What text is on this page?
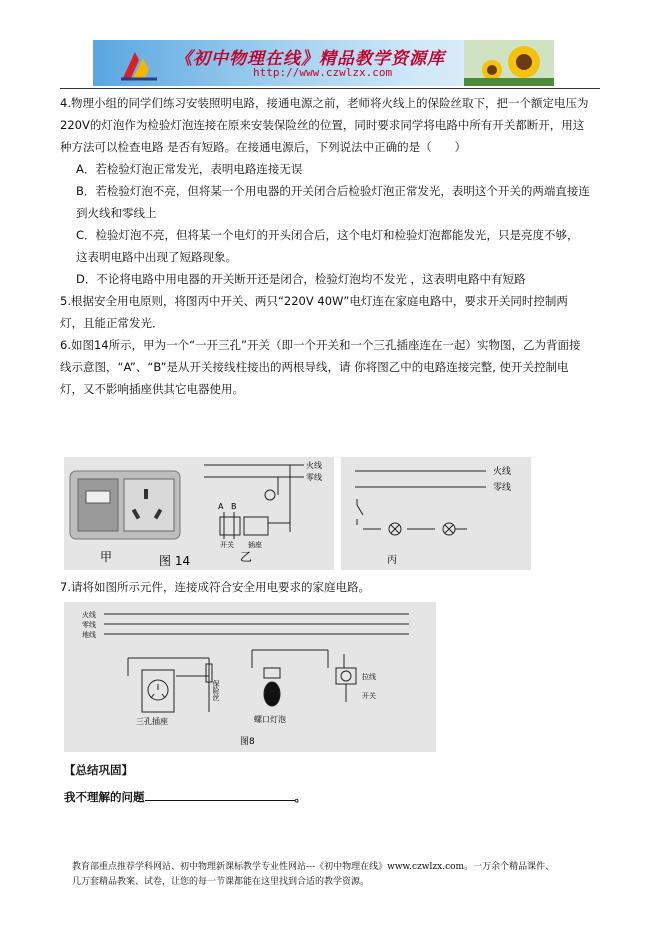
《初中物理在线》精品教学资源库
http://www.czwlzx.com

4.物理小组的同学们练习安装照明电路，接通电源之前，老师将火线上的保险丝取下，把一个额定电压为220V的灯泡作为检验灯泡连接在原来安装保险丝的位置，同时要求同学将电路中所有开关都断开，用这种方法可以检查电路 是否有短路。在接通电源后，下列说法中正确的是（　　）

A．若检验灯泡正常发光，表明电路连接无误

B．若检验灯泡不亮，但将某一个用电器的开关闭合后检验灯泡正常发光，表明这个开关的两端直接连到火线和零线上

C．检验灯泡不亮，但将某一个电灯的开头闭合后，这个电灯和检验灯泡都能发光，只是亮度不够，这表明电路中出现了短路现象。

D．不论将电路中用电器的开关断开还是闭合，检验灯泡均不发光 ，这表明电路中有短路

5.根据安全用电原则，将图丙中开关、两只“220V 40W”电灯连在家庭电路中，要求开关同时控制两灯，且能正常发光．

6.如图14所示，甲为一个“一开三孔”开关（即一个开关和一个三孔插座连在一起）实物图，乙为背面接线示意图，“A”、“B”是从开关接线柱接出的两根导线，请 你将图乙中的电路连接完整, 使开关控制电灯，又不影响插座供其它电器使用。

甲	图 14
火线
零线
A B
开关 插座
乙
火线
零线
丙

7.请将如图所示元件，连接成符合安全用电要求的家庭电路。

火线
零线
地线
保险丝
三孔插座	螺口灯泡
拉线
开关
图8
【总结巩固】
我不理解的问题	。
教育部重点推荐学科网站、初中物理新课标教学专业性网站---《初中物理在线》www.czwlzx.com。一万余个精品课件、
几万套精品教案、试卷，让您的每一节课都能在这里找到合适的教学资源。
